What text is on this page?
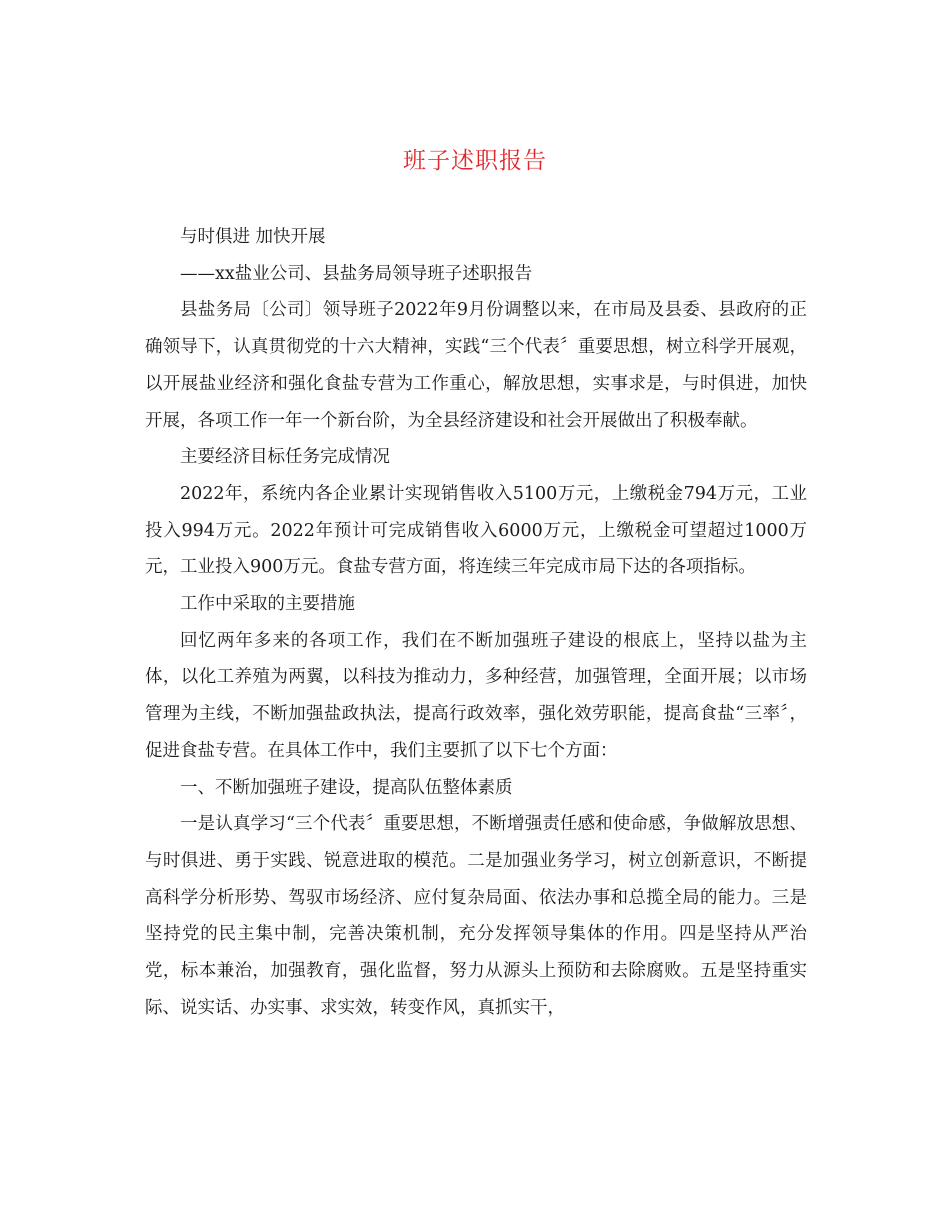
班子述职报告

与时俱进 加快开展

——xx盐业公司、县盐务局领导班子述职报告

县盐务局〔公司〕领导班子2022年9月份调整以来，在市局及县委、县政府的正确领导下，认真贯彻党的十六大精神，实践“三个代表〞重要思想，树立科学开展观，以开展盐业经济和强化食盐专营为工作重心，解放思想，实事求是，与时俱进，加快开展，各项工作一年一个新台阶，为全县经济建设和社会开展做出了积极奉献。

主要经济目标任务完成情况

2022年，系统内各企业累计实现销售收入5100万元，上缴税金794万元，工业投入994万元。2022年预计可完成销售收入6000万元，上缴税金可望超过1000万元，工业投入900万元。食盐专营方面，将连续三年完成市局下达的各项指标。

工作中采取的主要措施

回忆两年多来的各项工作，我们在不断加强班子建设的根底上，坚持以盐为主体，以化工养殖为两翼，以科技为推动力，多种经营，加强管理，全面开展；以市场管理为主线，不断加强盐政执法，提高行政效率，强化效劳职能，提高食盐“三率〞，促进食盐专营。在具体工作中，我们主要抓了以下七个方面：

一、不断加强班子建设，提高队伍整体素质

一是认真学习“三个代表〞重要思想，不断增强责任感和使命感，争做解放思想、与时俱进、勇于实践、锐意进取的模范。二是加强业务学习，树立创新意识，不断提高科学分析形势、驾驭市场经济、应付复杂局面、依法办事和总揽全局的能力。三是坚持党的民主集中制，完善决策机制，充分发挥领导集体的作用。四是坚持从严治党，标本兼治，加强教育，强化监督，努力从源头上预防和去除腐败。五是坚持重实际、说实话、办实事、求实效，转变作风，真抓实干，
